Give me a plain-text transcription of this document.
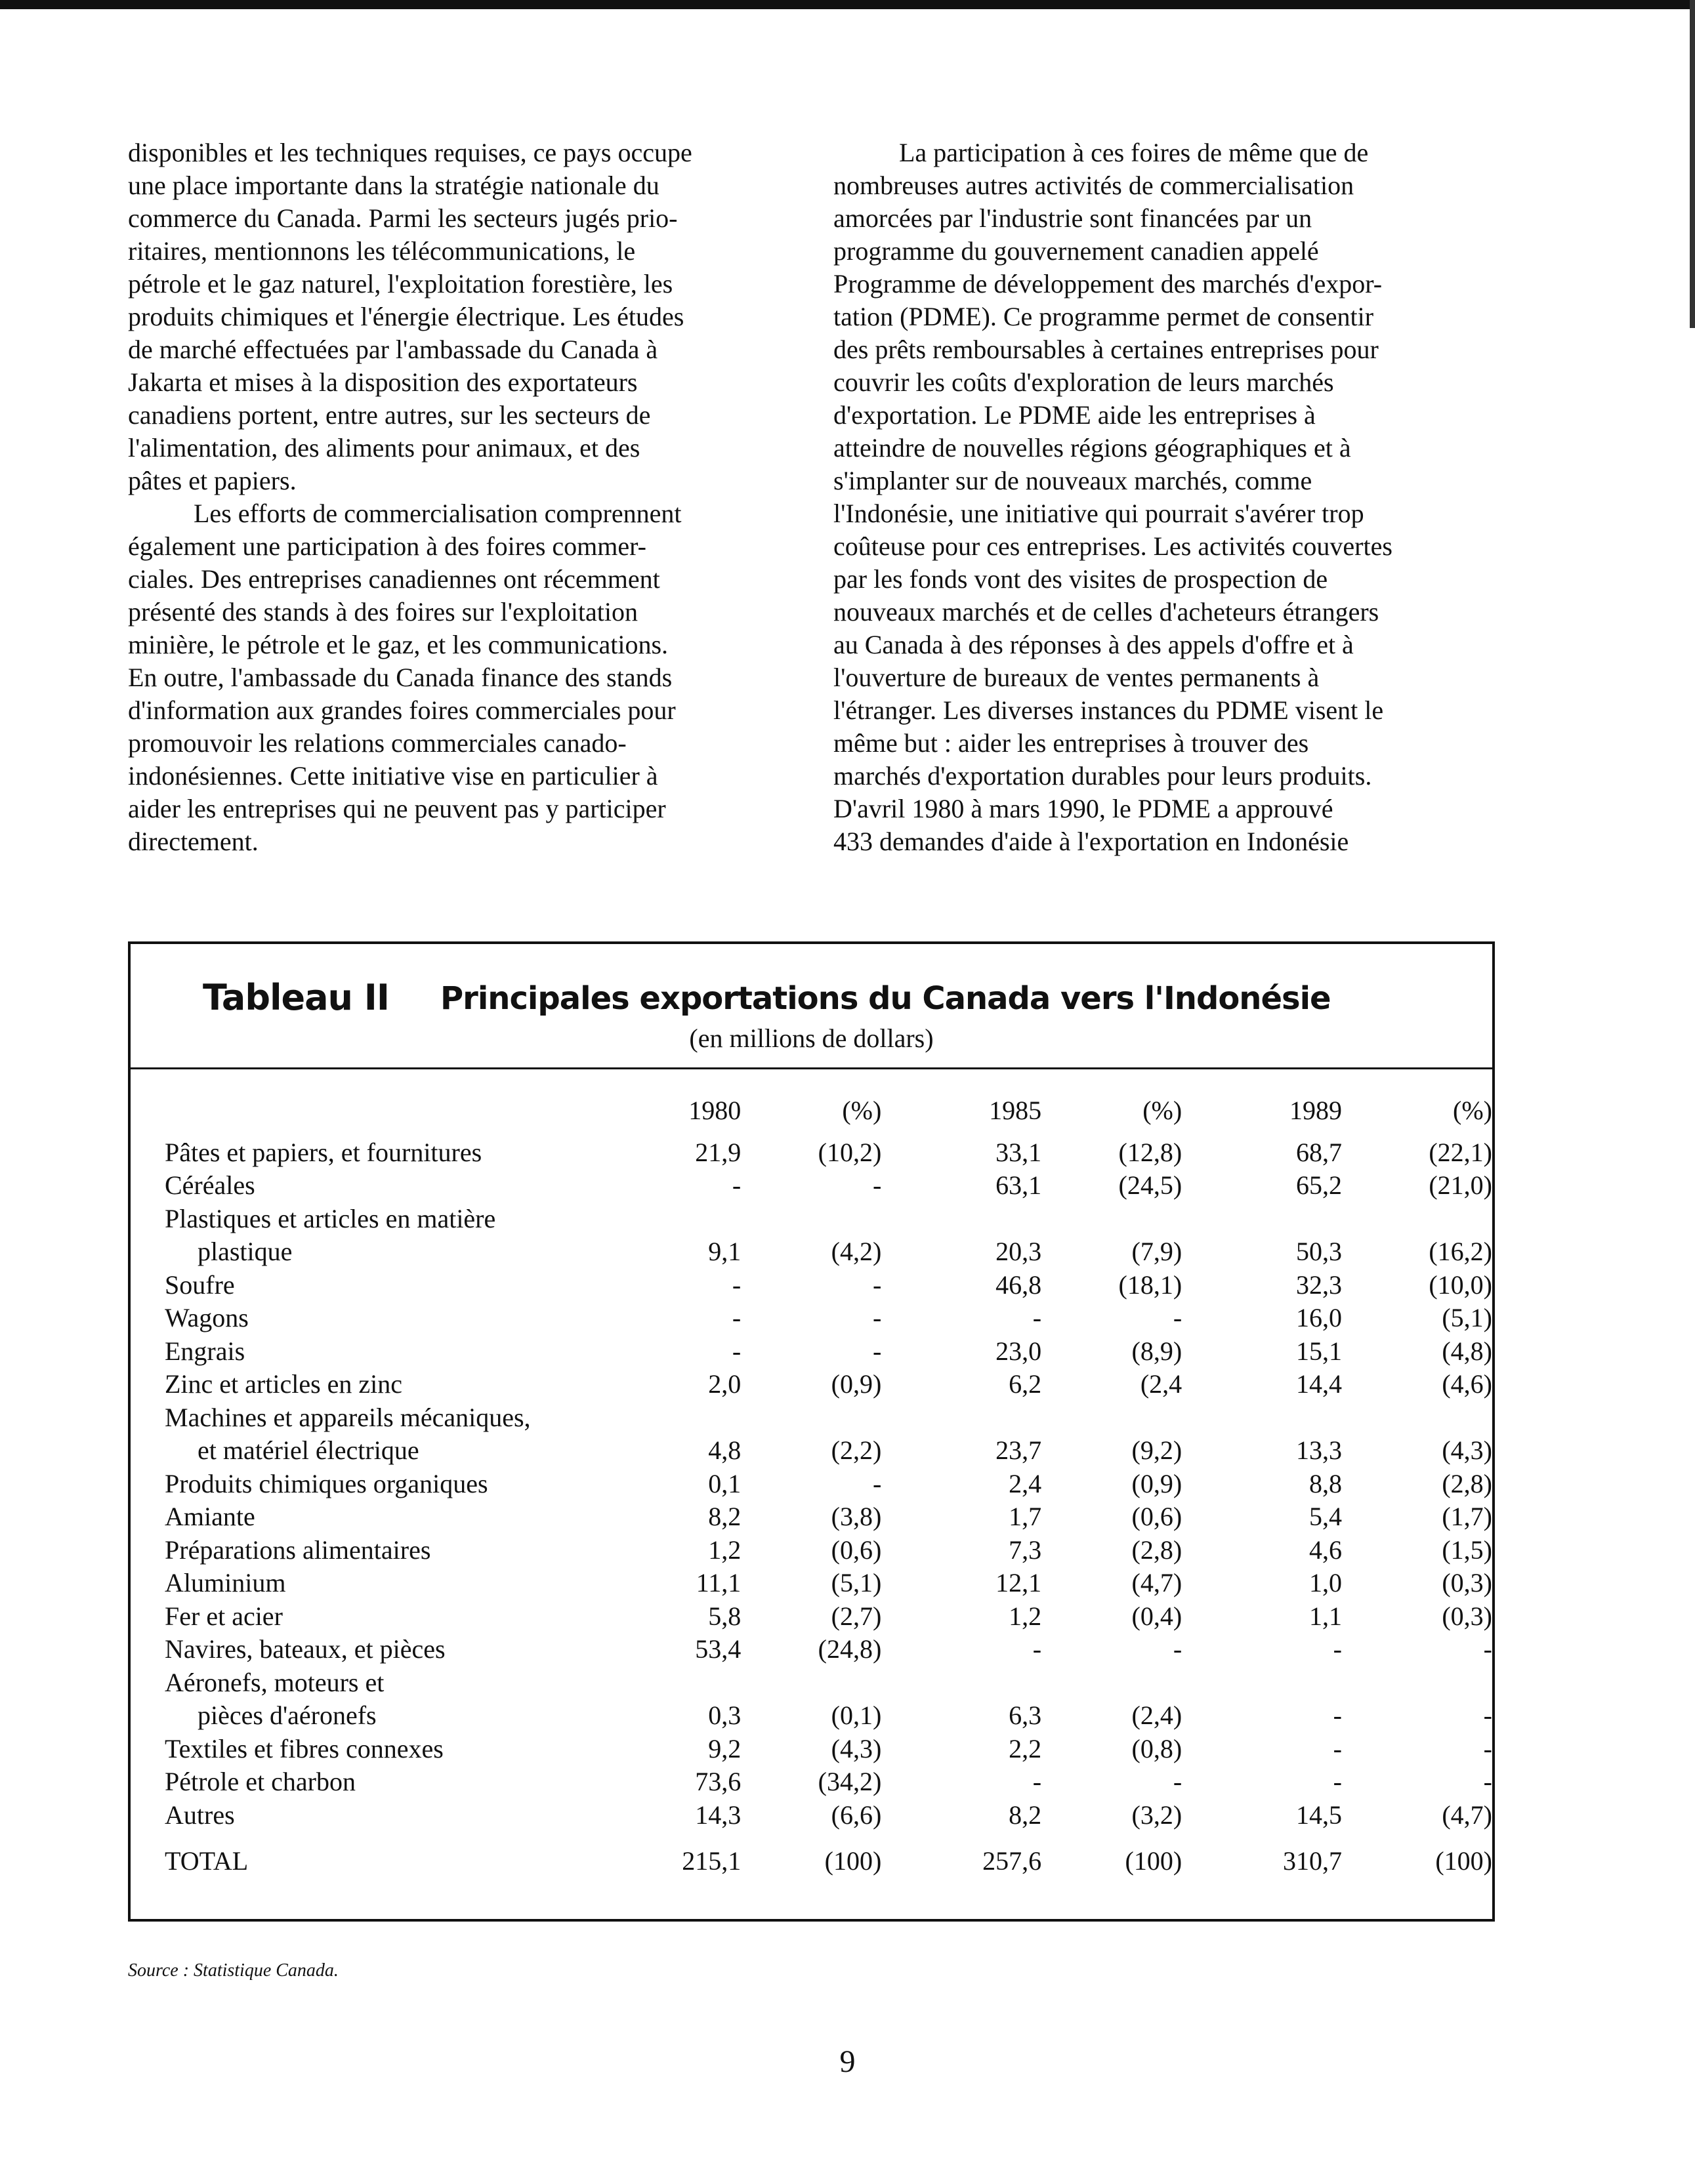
disponibles et les techniques requises, ce pays occupe
une place importante dans la stratégie nationale du
commerce du Canada. Parmi les secteurs jugés prio-
ritaires, mentionnons les télécommunications, le
pétrole et le gaz naturel, l'exploitation forestière, les
produits chimiques et l'énergie électrique. Les études
de marché effectuées par l'ambassade du Canada à
Jakarta et mises à la disposition des exportateurs
canadiens portent, entre autres, sur les secteurs de
l'alimentation, des aliments pour animaux, et des
pâtes et papiers.
Les efforts de commercialisation comprennent
également une participation à des foires commer-
ciales. Des entreprises canadiennes ont récemment
présenté des stands à des foires sur l'exploitation
minière, le pétrole et le gaz, et les communications.
En outre, l'ambassade du Canada finance des stands
d'information aux grandes foires commerciales pour
promouvoir les relations commerciales canado-
indonésiennes. Cette initiative vise en particulier à
aider les entreprises qui ne peuvent pas y participer
directement.
La participation à ces foires de même que de
nombreuses autres activités de commercialisation
amorcées par l'industrie sont financées par un
programme du gouvernement canadien appelé
Programme de développement des marchés d'expor-
tation (PDME). Ce programme permet de consentir
des prêts remboursables à certaines entreprises pour
couvrir les coûts d'exploration de leurs marchés
d'exportation. Le PDME aide les entreprises à
atteindre de nouvelles régions géographiques et à
s'implanter sur de nouveaux marchés, comme
l'Indonésie, une initiative qui pourrait s'avérer trop
coûteuse pour ces entreprises. Les activités couvertes
par les fonds vont des visites de prospection de
nouveaux marchés et de celles d'acheteurs étrangers
au Canada à des réponses à des appels d'offre et à
l'ouverture de bureaux de ventes permanents à
l'étranger. Les diverses instances du PDME visent le
même but : aider les entreprises à trouver des
marchés d'exportation durables pour leurs produits.
D'avril 1980 à mars 1990, le PDME a approuvé
433 demandes d'aide à l'exportation en Indonésie
Tableau II Principales exportations du Canada vers l'Indonésie
(en millions de dollars)
	1980	(%)	1985	(%)	1989	(%)
Pâtes et papiers, et fournitures	21,9	(10,2)	33,1	(12,8)	68,7	(22,1)
Céréales	-	-	63,1	(24,5)	65,2	(21,0)
Plastiques et articles en matière						
plastique	9,1	(4,2)	20,3	(7,9)	50,3	(16,2)
Soufre	-	-	46,8	(18,1)	32,3	(10,0)
Wagons	-	-	-	-	16,0	(5,1)
Engrais	-	-	23,0	(8,9)	15,1	(4,8)
Zinc et articles en zinc	2,0	(0,9)	6,2	(2,4	14,4	(4,6)
Machines et appareils mécaniques,						
et matériel électrique	4,8	(2,2)	23,7	(9,2)	13,3	(4,3)
Produits chimiques organiques	0,1	-	2,4	(0,9)	8,8	(2,8)
Amiante	8,2	(3,8)	1,7	(0,6)	5,4	(1,7)
Préparations alimentaires	1,2	(0,6)	7,3	(2,8)	4,6	(1,5)
Aluminium	11,1	(5,1)	12,1	(4,7)	1,0	(0,3)
Fer et acier	5,8	(2,7)	1,2	(0,4)	1,1	(0,3)
Navires, bateaux, et pièces	53,4	(24,8)	-	-	-	-
Aéronefs, moteurs et						
pièces d'aéronefs	0,3	(0,1)	6,3	(2,4)	-	-
Textiles et fibres connexes	9,2	(4,3)	2,2	(0,8)	-	-
Pétrole et charbon	73,6	(34,2)	-	-	-	-
Autres	14,3	(6,6)	8,2	(3,2)	14,5	(4,7)
TOTAL	215,1	(100)	257,6	(100)	310,7	(100)
Source : Statistique Canada.
9
